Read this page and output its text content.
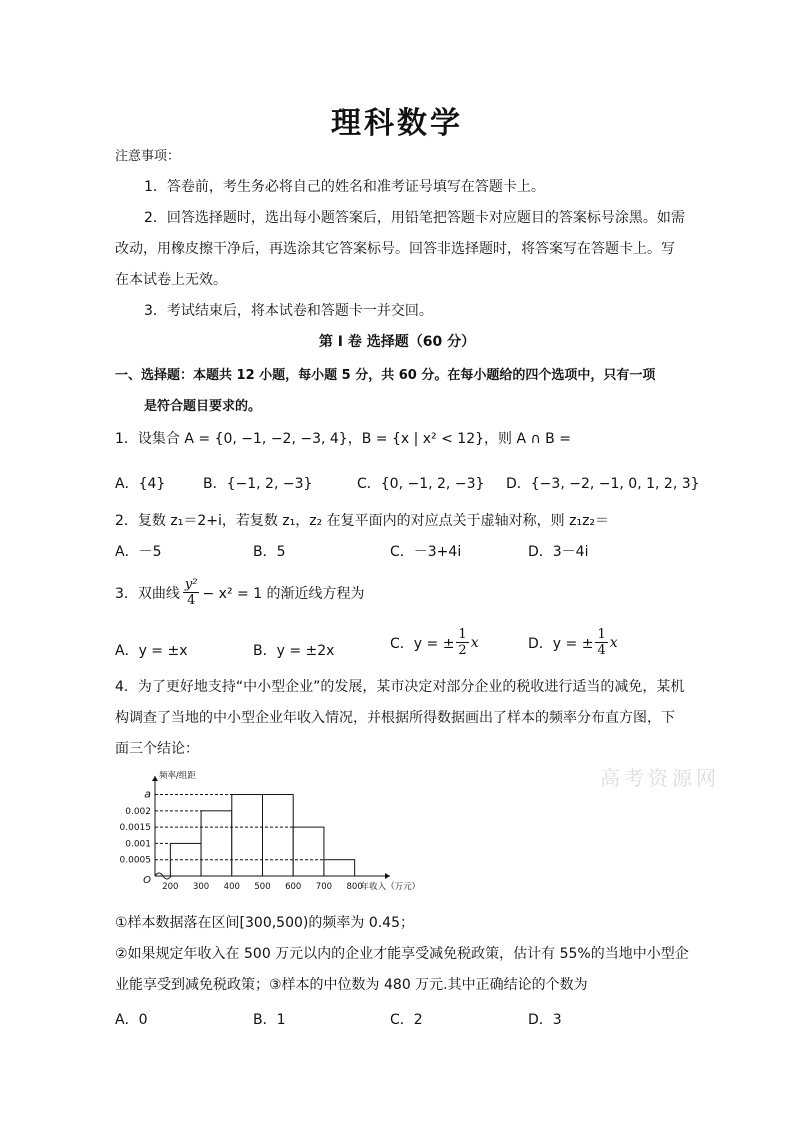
理科数学
注意事项：
1．答卷前，考生务必将自己的姓名和准考证号填写在答题卡上。
2．回答选择题时，选出每小题答案后，用铅笔把答题卡对应题目的答案标号涂黑。如需
改动，用橡皮擦干净后，再选涂其它答案标号。回答非选择题时，将答案写在答题卡上。写
在本试卷上无效。
3．考试结束后，将本试卷和答题卡一并交回。
第 I 卷 选择题（60 分）
一、选择题：本题共 12 小题，每小题 5 分，共 60 分。在每小题给的四个选项中，只有一项
是符合题目要求的。
1．设集合 A = {0, −1, −2, −3, 4}，B = {x | x² < 12}，则 A ∩ B =
A．{4}	B．{−1, 2, −3}	C．{0, −1, 2, −3} D．{−3, −2, −1, 0, 1, 2, 3}
2．复数 z₁＝2+i，若复数 z₁，z₂ 在复平面内的对应点关于虚轴对称，则 z₁z₂＝
A．－5	B．5	C．－3+4i	D．3－4i
3．双曲线 $\frac{\text{y²}}{4} - x^2 = 1$ 的渐近线方程为
A．y = ±x	B．y = ±2x	C．y = ± $\frac{1}{2}$ x	D．y = ± $\frac{1}{4}$ x
4．为了更好地支持“中小型企业”的发展，某市决定对部分企业的税收进行适当的减免，某机
构调查了当地的中小型企业年收入情况，并根据所得数据画出了样本的频率分布直方图，下
面三个结论：
高考资源网
a
0.002
0.0015
0.001
0.0005
200 300 400 500 600 700 800
O
频率/组距
年收入（万元）
①样本数据落在区间[300,500)的频率为 0.45；
②如果规定年收入在 500 万元以内的企业才能享受减免税政策，估计有 55%的当地中小型企
业能享受到减免税政策；③样本的中位数为 480 万元.其中正确结论的个数为
A．0	B．1	C．2	D．3
